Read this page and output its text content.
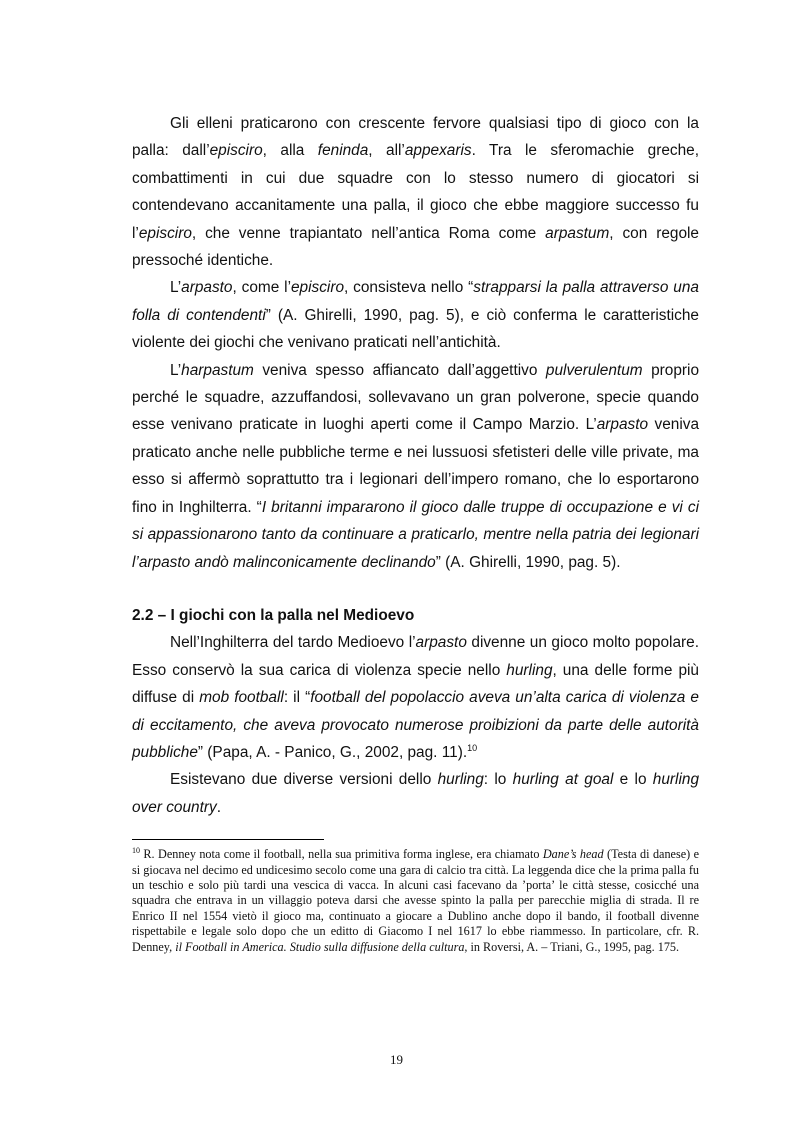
Gli elleni praticarono con crescente fervore qualsiasi tipo di gioco con la palla: dall’episciro, alla feninda, all’appexaris. Tra le sferomachie greche, combattimenti in cui due squadre con lo stesso numero di giocatori si contendevano accanitamente una palla, il gioco che ebbe maggiore successo fu l’episciro, che venne trapiantato nell’antica Roma come arpastum, con regole pressoché identiche.

L’arpasto, come l’episciro, consisteva nello “strapparsi la palla attraverso una folla di contendenti” (A. Ghirelli, 1990, pag. 5), e ciò conferma le caratteristiche violente dei giochi che venivano praticati nell’antichità.

L’harpastum veniva spesso affiancato dall’aggettivo pulverulentum proprio perché le squadre, azzuffandosi, sollevavano un gran polverone, specie quando esse venivano praticate in luoghi aperti come il Campo Marzio. L’arpasto veniva praticato anche nelle pubbliche terme e nei lussuosi sfetisteri delle ville private, ma esso si affermò soprattutto tra i legionari dell’impero romano, che lo esportarono fino in Inghilterra. “I britanni impararono il gioco dalle truppe di occupazione e vi ci si appassionarono tanto da continuare a praticarlo, mentre nella patria dei legionari l’arpasto andò malinconicamente declinando” (A. Ghirelli, 1990, pag. 5).

2.2 – I giochi con la palla nel Medioevo

Nell’Inghilterra del tardo Medioevo l’arpasto divenne un gioco molto popolare. Esso conservò la sua carica di violenza specie nello hurling, una delle forme più diffuse di mob football: il “football del popolaccio aveva un’alta carica di violenza e di eccitamento, che aveva provocato numerose proibizioni da parte delle autorità pubbliche” (Papa, A. - Panico, G., 2002, pag. 11).$^{10}$

Esistevano due diverse versioni dello hurling: lo hurling at goal e lo hurling over country.

$^{10}$ R. Denney nota come il football, nella sua primitiva forma inglese, era chiamato Dane’s head (Testa di danese) e si giocava nel decimo ed undicesimo secolo come una gara di calcio tra città. La leggenda dice che la prima palla fu un teschio e solo più tardi una vescica di vacca. In alcuni casi facevano da ’porta’ le città stesse, cosicché una squadra che entrava in un villaggio poteva darsi che avesse spinto la palla per parecchie miglia di strada. Il re Enrico II nel 1554 vietò il gioco ma, continuato a giocare a Dublino anche dopo il bando, il football divenne rispettabile e legale solo dopo che un editto di Giacomo I nel 1617 lo ebbe riammesso. In particolare, cfr. R. Denney, il Football in America. Studio sulla diffusione della cultura, in Roversi, A. – Triani, G., 1995, pag. 175.

19
